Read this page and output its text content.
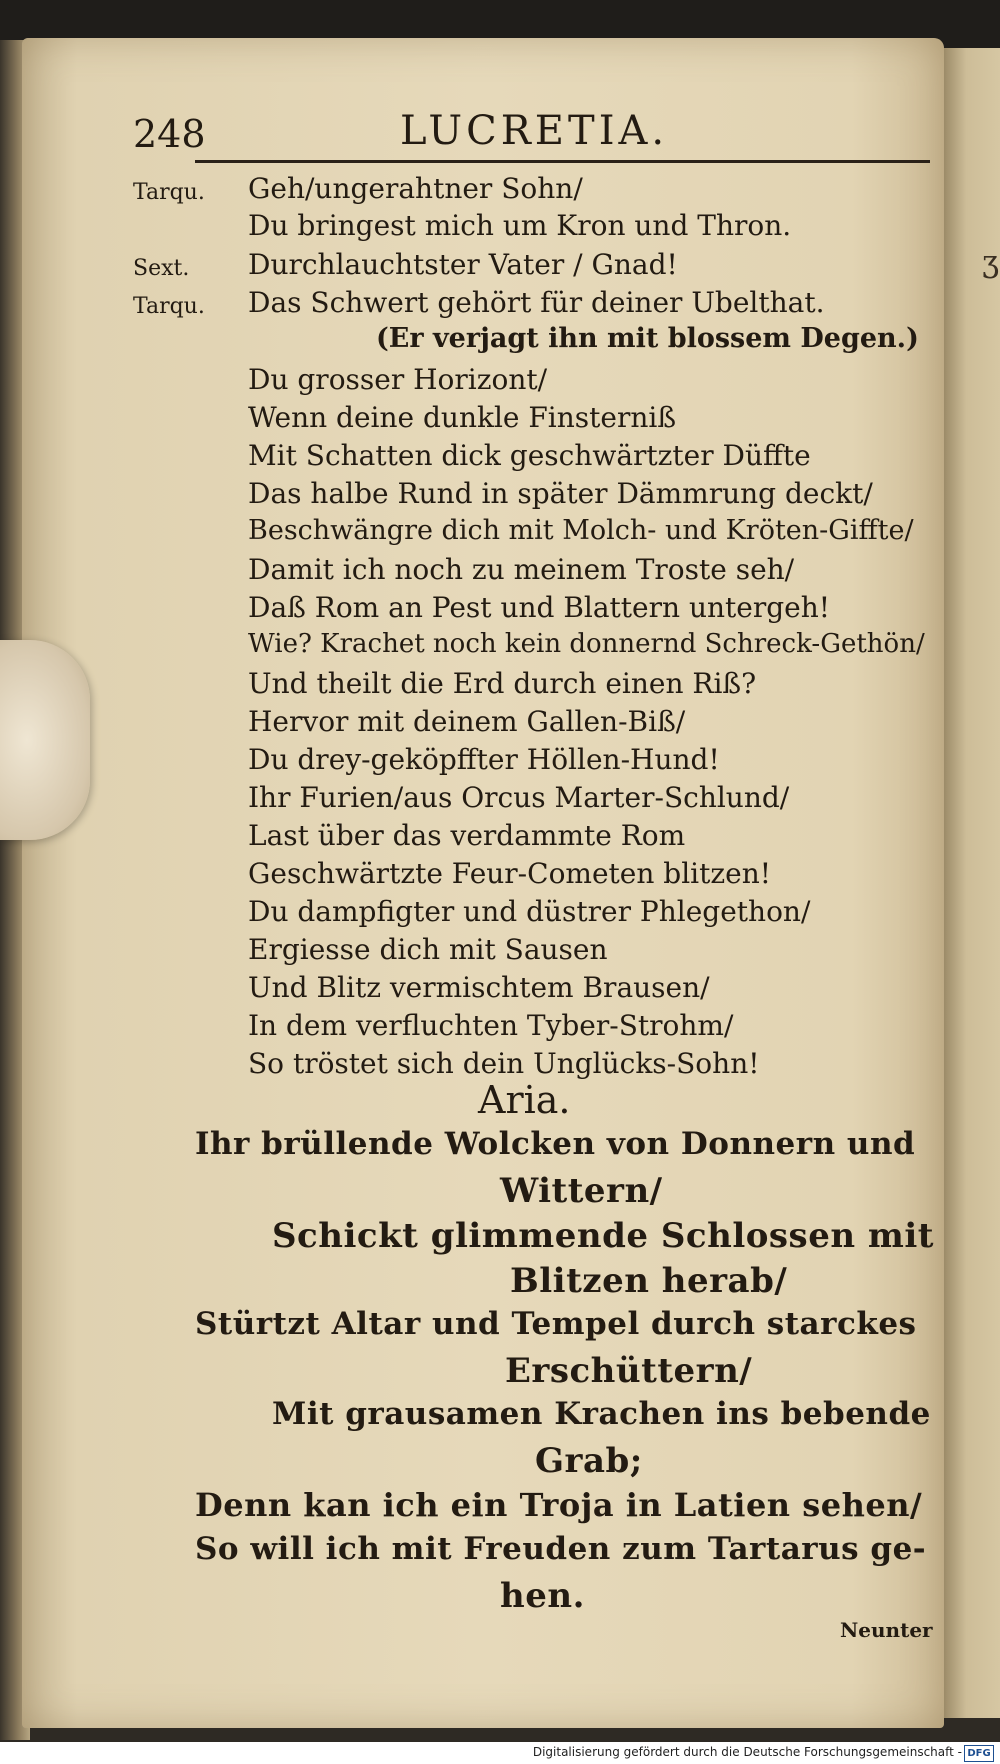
ʒ
248	LUCRETIA.
Tarqu. Geh/ungerahtner Sohn/
Du bringest mich um Kron und Thron.
Sext. Durchlauchtster Vater / Gnad!
Tarqu. Das Schwert gehört für deiner Ubelthat.
(Er verjagt ihn mit blossem Degen.)
Du grosser Horizont/
Wenn deine dunkle Finsterniß
Mit Schatten dick geschwärtzter Düffte
Das halbe Rund in später Dämmrung deckt/
Beschwängre dich mit Molch- und Kröten-Giffte/
Damit ich noch zu meinem Troste seh/
Daß Rom an Pest und Blattern untergeh!
Wie? Krachet noch kein donnernd Schreck-Gethön/
Und theilt die Erd durch einen Riß?
Hervor mit deinem Gallen-Biß/
Du drey-geköpffter Höllen-Hund!
Ihr Furien/aus Orcus Marter-Schlund/
Last über das verdammte Rom
Geschwärtzte Feur-Cometen blitzen!
Du dampfigter und düstrer Phlegethon/
Ergiesse dich mit Sausen
Und Blitz vermischtem Brausen/
In dem verfluchten Tyber-Strohm/
So tröstet sich dein Unglücks-Sohn!
Aria.
Ihr brüllende Wolcken von Donnern und
Wittern/
Schickt glimmende Schlossen mit
Blitzen herab/
Stürtzt Altar und Tempel durch starckes
Erschüttern/
Mit grausamen Krachen ins bebende
Grab;
Denn kan ich ein Troja in Latien sehen/
So will ich mit Freuden zum Tartarus ge-
hen.
Neunter
Digitalisierung gefördert durch die Deutsche Forschungsgemeinschaft - DFG
